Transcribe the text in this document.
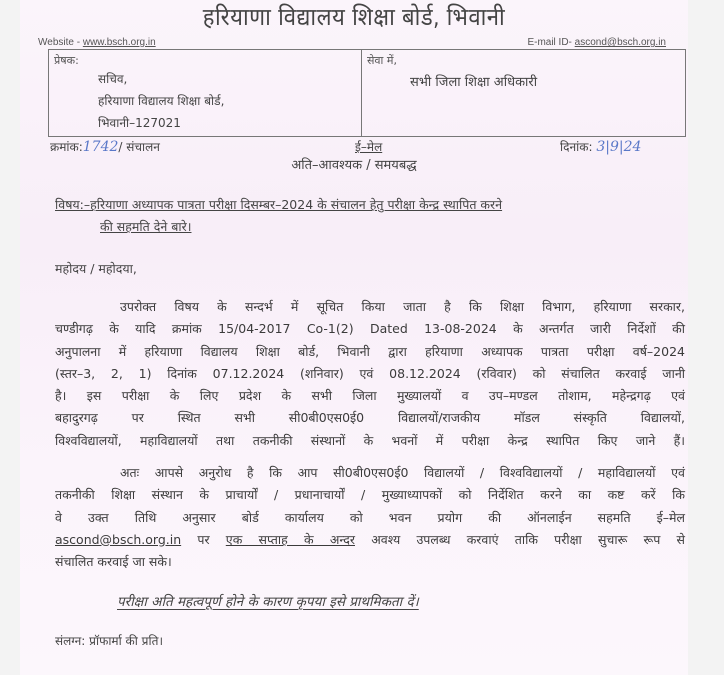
हरियाणा विद्यालय शिक्षा बोर्ड, भिवानी
Website - www.bsch.org.in	E-mail ID- ascond@bsch.org.in
प्रेषक:
सचिव,
हरियाणा विद्यालय शिक्षा बोर्ड,
भिवानी–127021
सेवा में,
सभी जिला शिक्षा अधिकारी
क्रमांक:1742/ संचालन	ई–मेल	दिनांक: 3|9|24
अति–आवश्यक / समयबद्ध
विषय:–हरियाणा अध्यापक पात्रता परीक्षा दिसम्बर–2024 के संचालन हेतु परीक्षा केन्द्र स्थापित करने
की सहमति देने बारे।
महोदय / महोदया,
उपरोक्त विषय के सन्दर्भ में सूचित किया जाता है कि शिक्षा विभाग, हरियाणा सरकार,
चण्डीगढ़ के यादि क्रमांक 15/04-2017 Co-1(2) Dated 13-08-2024 के अन्तर्गत जारी निर्देशों की
अनुपालना में हरियाणा विद्यालय शिक्षा बोर्ड, भिवानी द्वारा हरियाणा अध्यापक पात्रता परीक्षा वर्ष–2024
(स्तर–3, 2, 1) दिनांक 07.12.2024 (शनिवार) एवं 08.12.2024 (रविवार) को संचालित करवाई जानी
है। इस परीक्षा के लिए प्रदेश के सभी जिला मुख्यालयों व उप–मण्डल तोशाम, महेन्द्रगढ़ एवं
बहादुरगढ़ पर स्थित सभी सी0बी0एस0ई0 विद्यालयों/राजकीय मॉडल संस्कृति विद्यालयों,
विश्वविद्यालयों, महाविद्यालयों तथा तकनीकी संस्थानों के भवनों में परीक्षा केन्द्र स्थापित किए जाने हैं।
अतः आपसे अनुरोध है कि आप सी0बी0एस0ई0 विद्यालयों / विश्वविद्यालयों / महाविद्यालयों एवं
तकनीकी शिक्षा संस्थान के प्राचार्यों / प्रधानाचार्यों / मुख्याध्यापकों को निर्देशित करने का कष्ट करें कि
वे उक्त तिथि अनुसार बोर्ड कार्यालय को भवन प्रयोग की ऑनलाईन सहमति ई–मेल
ascond@bsch.org.in पर एक सप्ताह के अन्दर अवश्य उपलब्ध करवाएं ताकि परीक्षा सुचारू रूप से
संचालित करवाई जा सके।
परीक्षा अति महत्वपूर्ण होने के कारण कृपया इसे प्राथमिकता दें।
संलग्न: प्रॉफार्मा की प्रति।
